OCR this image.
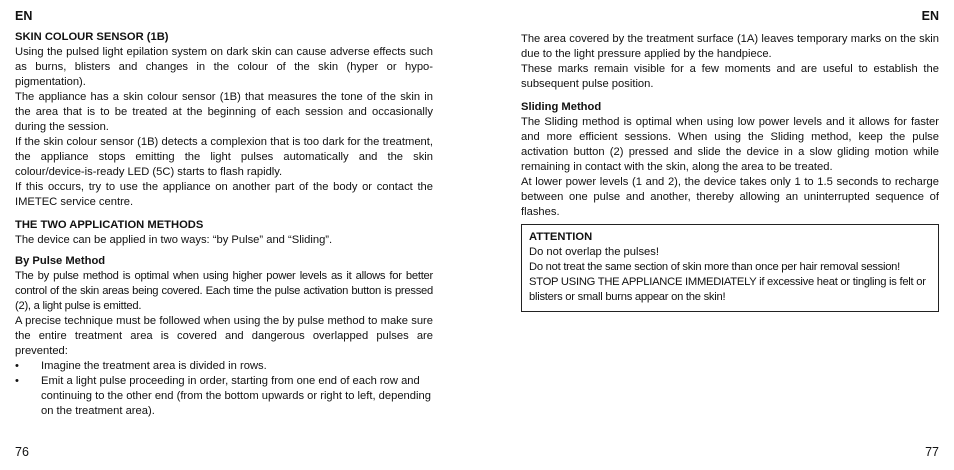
EN
SKIN COLOUR SENSOR (1B)

Using the pulsed light epilation system on dark skin can cause adverse effects such as burns, blisters and changes in the colour of the skin (hyper or hypo-pigmentation).

The appliance has a skin colour sensor (1B) that measures the tone of the skin in the area that is to be treated at the beginning of each session and occasionally during the session.

If the skin colour sensor (1B) detects a complexion that is too dark for the treatment, the appliance stops emitting the light pulses automatically and the skin colour/device-is-ready LED (5C) starts to flash rapidly.

If this occurs, try to use the appliance on another part of the body or contact the IMETEC service centre.

THE TWO APPLICATION METHODS

The device can be applied in two ways: “by Pulse” and “Sliding”.

By Pulse Method

The by pulse method is optimal when using higher power levels as it allows for better control of the skin areas being covered. Each time the pulse activation button is pressed (2), a light pulse is emitted.

A precise technique must be followed when using the by pulse method to make sure the entire treatment area is covered and dangerous overlapped pulses are prevented:

• Imagine the treatment area is divided in rows.
• Emit a light pulse proceeding in order, starting from one end of each row and continuing to the other end (from the bottom upwards or right to left, depending on the treatment area).
76
EN

The area covered by the treatment surface (1A) leaves temporary marks on the skin due to the light pressure applied by the handpiece.

These marks remain visible for a few moments and are useful to establish the subsequent pulse position.

Sliding Method

The Sliding method is optimal when using low power levels and it allows for faster and more efficient sessions. When using the Sliding method, keep the pulse activation button (2) pressed and slide the device in a slow gliding motion while remaining in contact with the skin, along the area to be treated.

At lower power levels (1 and 2), the device takes only 1 to 1.5 seconds to recharge between one pulse and another, thereby allowing an uninterrupted sequence of flashes.

ATTENTION

Do not overlap the pulses!

Do not treat the same section of skin more than once per hair removal session!

STOP USING THE APPLIANCE IMMEDIATELY if excessive heat or tingling is felt or blisters or small burns appear on the skin!

77
